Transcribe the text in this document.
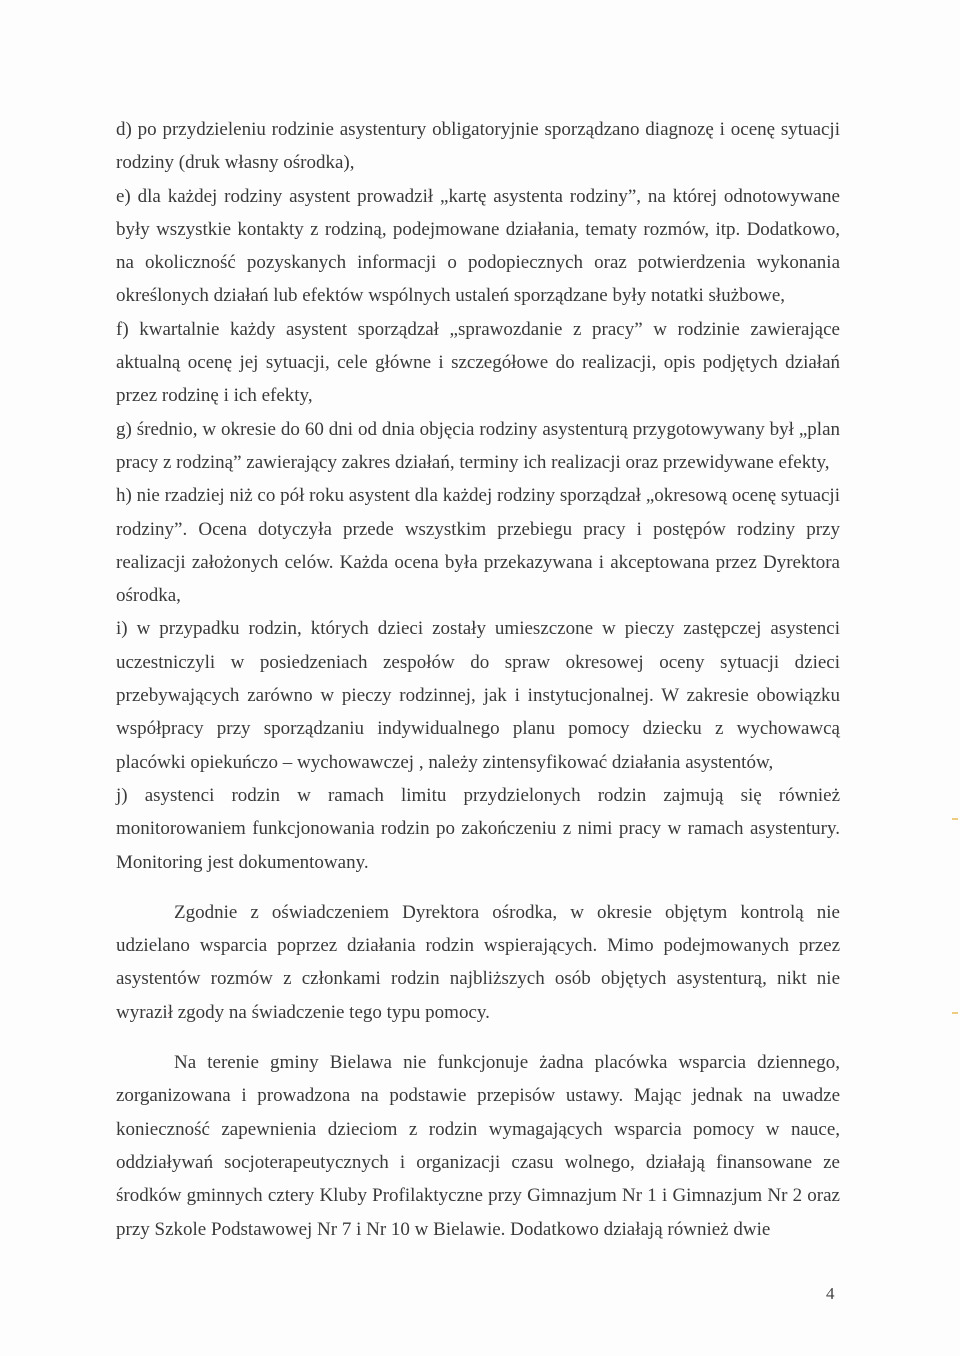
d) po przydzieleniu rodzinie asystentury obligatoryjnie sporządzano diagnozę i ocenę sytuacji rodziny (druk własny ośrodka),

e) dla każdej rodziny asystent prowadził „kartę asystenta rodziny”, na której odnotowywane były wszystkie kontakty z rodziną, podejmowane działania, tematy rozmów, itp. Dodatkowo, na okoliczność pozyskanych informacji o podopiecznych oraz potwierdzenia wykonania określonych działań lub efektów wspólnych ustaleń sporządzane były notatki służbowe,

f) kwartalnie każdy asystent sporządzał „sprawozdanie z pracy” w rodzinie zawierające aktualną ocenę jej sytuacji, cele główne i szczegółowe do realizacji, opis podjętych działań przez rodzinę i ich efekty,

g) średnio, w okresie do 60 dni od dnia objęcia rodziny asystenturą przygotowywany był „plan pracy z rodziną” zawierający zakres działań, terminy ich realizacji oraz przewidywane efekty,

h) nie rzadziej niż co pół roku asystent dla każdej rodziny sporządzał „okresową ocenę sytuacji rodziny”. Ocena dotyczyła przede wszystkim przebiegu pracy i postępów rodziny przy realizacji założonych celów. Każda ocena była przekazywana i akceptowana przez Dyrektora ośrodka,

i) w przypadku rodzin, których dzieci zostały umieszczone w pieczy zastępczej asystenci uczestniczyli w posiedzeniach zespołów do spraw okresowej oceny sytuacji dzieci przebywających zarówno w pieczy rodzinnej, jak i instytucjonalnej. W zakresie obowiązku współpracy przy sporządzaniu indywidualnego planu pomocy dziecku z wychowawcą placówki opiekuńczo – wychowawczej , należy zintensyfikować działania asystentów,

j) asystenci rodzin w ramach limitu przydzielonych rodzin zajmują się również monitorowaniem funkcjonowania rodzin po zakończeniu z nimi pracy w ramach asystentury. Monitoring jest dokumentowany.

Zgodnie z oświadczeniem Dyrektora ośrodka, w okresie objętym kontrolą nie udzielano wsparcia poprzez działania rodzin wspierających. Mimo podejmowanych przez asystentów rozmów z członkami rodzin najbliższych osób objętych asystenturą, nikt nie wyraził zgody na świadczenie tego typu pomocy.

Na terenie gminy Bielawa nie funkcjonuje żadna placówka wsparcia dziennego, zorganizowana i prowadzona na podstawie przepisów ustawy. Mając jednak na uwadze konieczność zapewnienia dzieciom z rodzin wymagających wsparcia pomocy w nauce, oddziaływań socjoterapeutycznych i organizacji czasu wolnego, działają finansowane ze środków gminnych cztery Kluby Profilaktyczne przy Gimnazjum Nr 1 i Gimnazjum Nr 2 oraz przy Szkole Podstawowej Nr 7 i Nr 10 w Bielawie. Dodatkowo działają również dwie

4
